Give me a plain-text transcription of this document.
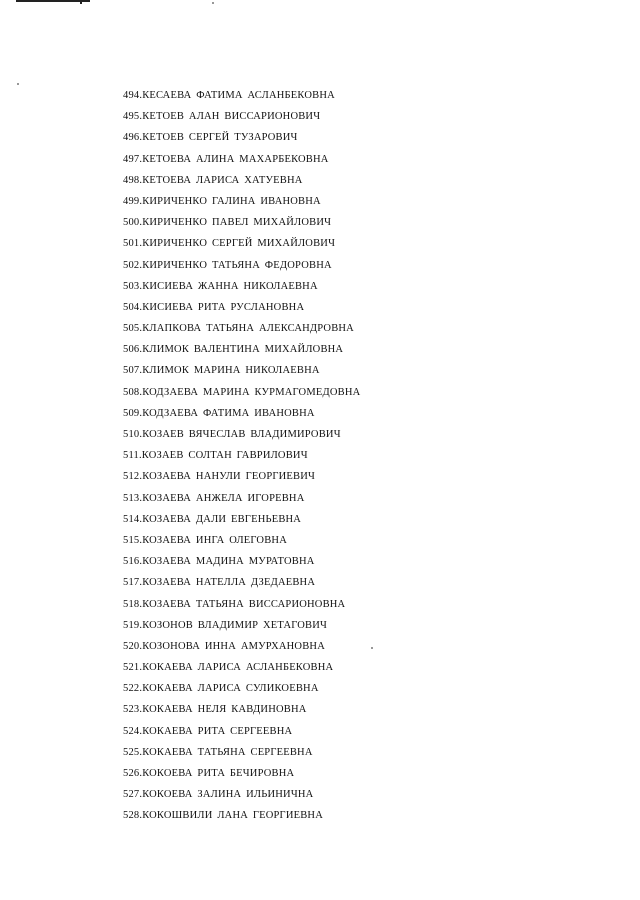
494. КЕСАЕВА ФАТИМА АСЛАНБЕКОВНА
495. КЕТОЕВ АЛАН ВИССАРИОНОВИЧ
496. КЕТОЕВ СЕРГЕЙ ТУЗАРОВИЧ
497. КЕТОЕВА АЛИНА МАХАРБЕКОВНА
498. КЕТОЕВА ЛАРИСА ХАТУЕВНА
499. КИРИЧЕНКО ГАЛИНА ИВАНОВНА
500. КИРИЧЕНКО ПАВЕЛ МИХАЙЛОВИЧ
501. КИРИЧЕНКО СЕРГЕЙ МИХАЙЛОВИЧ
502. КИРИЧЕНКО ТАТЬЯНА ФЕДОРОВНА
503. КИСИЕВА ЖАННА НИКОЛАЕВНА
504. КИСИЕВА РИТА РУСЛАНОВНА
505. КЛАПКОВА ТАТЬЯНА АЛЕКСАНДРОВНА
506. КЛИМОК ВАЛЕНТИНА МИХАЙЛОВНА
507. КЛИМОК МАРИНА НИКОЛАЕВНА
508. КОДЗАЕВА МАРИНА КУРМАГОМЕДОВНА
509. КОДЗАЕВА ФАТИМА ИВАНОВНА
510. КОЗАЕВ ВЯЧЕСЛАВ ВЛАДИМИРОВИЧ
511. КОЗАЕВ СОЛТАН ГАВРИЛОВИЧ
512. КОЗАЕВА НАНУЛИ ГЕОРГИЕВИЧ
513. КОЗАЕВА АНЖЕЛА ИГОРЕВНА
514. КОЗАЕВА ДАЛИ ЕВГЕНЬЕВНА
515. КОЗАЕВА ИНГА ОЛЕГОВНА
516. КОЗАЕВА МАДИНА МУРАТОВНА
517. КОЗАЕВА НАТЕЛЛА ДЗЕДАЕВНА
518. КОЗАЕВА ТАТЬЯНА ВИССАРИОНОВНА
519. КОЗОНОВ ВЛАДИМИР ХЕТАГОВИЧ
520. КОЗОНОВА ИННА АМУРХАНОВНА
521. КОКАЕВА ЛАРИСА АСЛАНБЕКОВНА
522. КОКАЕВА ЛАРИСА СУЛИКОЕВНА
523. КОКАЕВА НЕЛЯ КАВДИНОВНА
524. КОКАЕВА РИТА СЕРГЕЕВНА
525. КОКАЕВА ТАТЬЯНА СЕРГЕЕВНА
526. КОКОЕВА РИТА БЕЧИРОВНА
527. КОКОЕВА ЗАЛИНА ИЛЬИНИЧНА
528. КОКОШВИЛИ ЛАНА ГЕОРГИЕВНА
